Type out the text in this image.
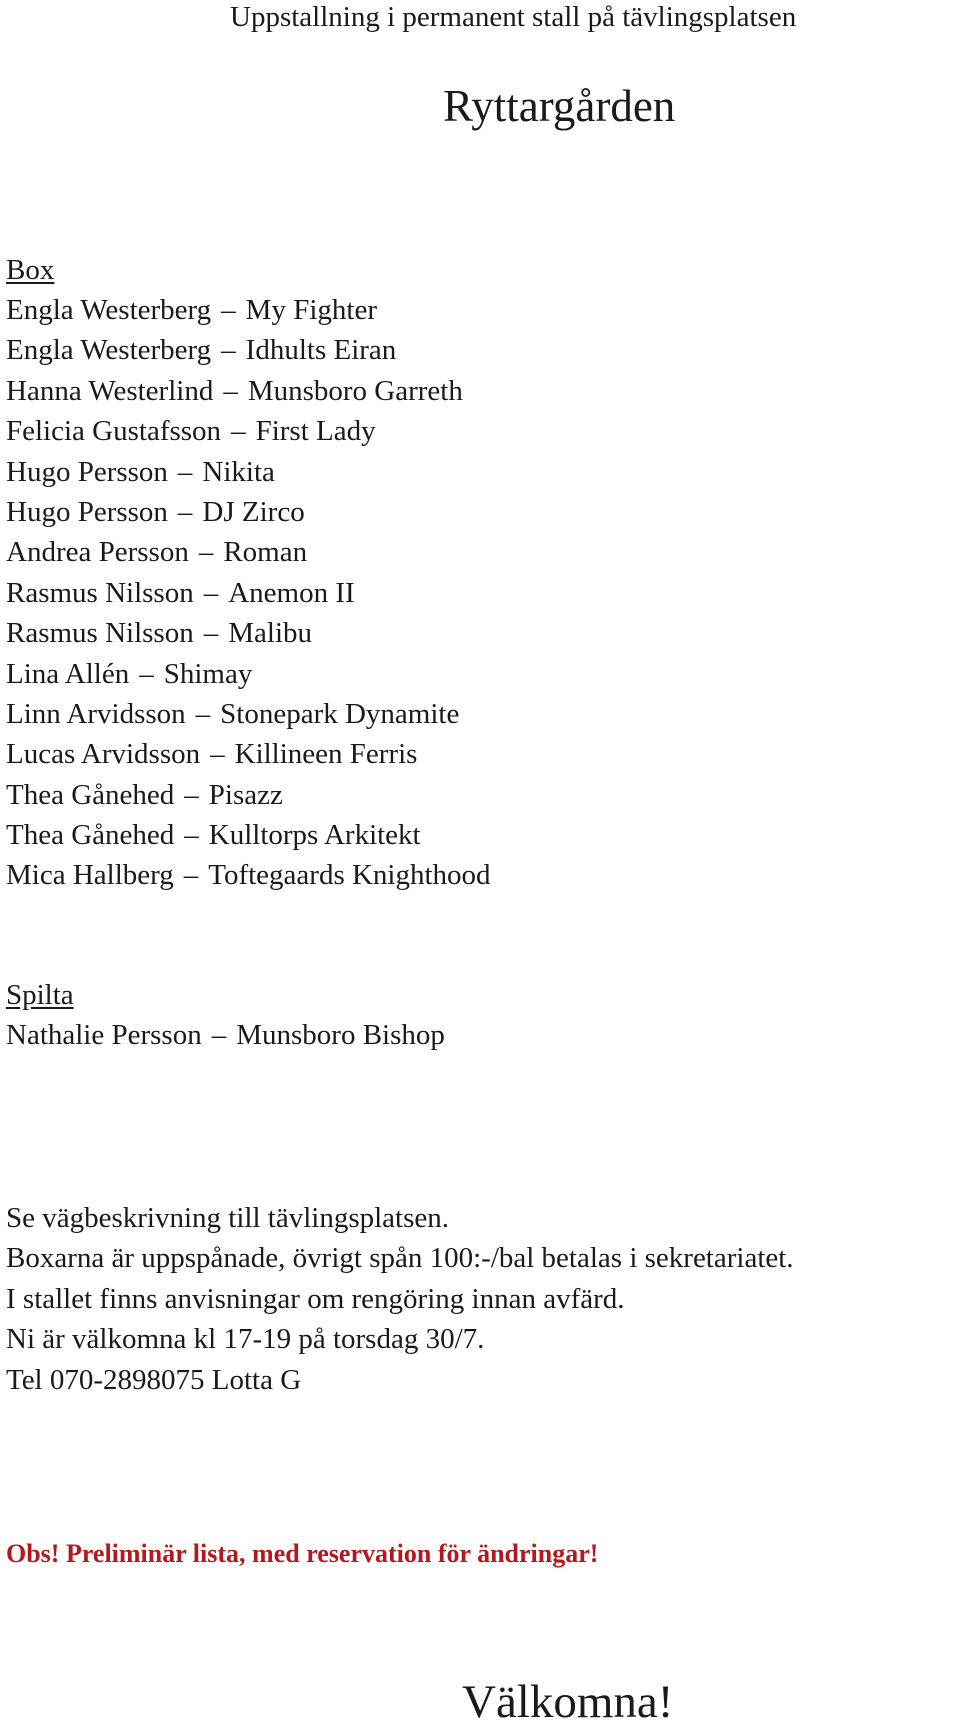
Uppstallning i permanent stall på tävlingsplatsen
Ryttargården
Box
Engla Westerberg – My Fighter
Engla Westerberg – Idhults Eiran
Hanna Westerlind – Munsboro Garreth
Felicia Gustafsson – First Lady
Hugo Persson – Nikita
Hugo Persson – DJ Zirco
Andrea Persson – Roman
Rasmus Nilsson – Anemon II
Rasmus Nilsson – Malibu
Lina Allén – Shimay
Linn Arvidsson – Stonepark Dynamite
Lucas Arvidsson – Killineen Ferris
Thea Gånehed – Pisazz
Thea Gånehed – Kulltorps Arkitekt
Mica Hallberg – Toftegaards Knighthood
Spilta
Nathalie Persson – Munsboro Bishop
Se vägbeskrivning till tävlingsplatsen.
Boxarna är uppspånade, övrigt spån 100:-/bal betalas i sekretariatet.
I stallet finns anvisningar om rengöring innan avfärd.
Ni är välkomna kl 17-19 på torsdag 30/7.
Tel 070-2898075 Lotta G
Obs! Preliminär lista, med reservation för ändringar!
Välkomna!
